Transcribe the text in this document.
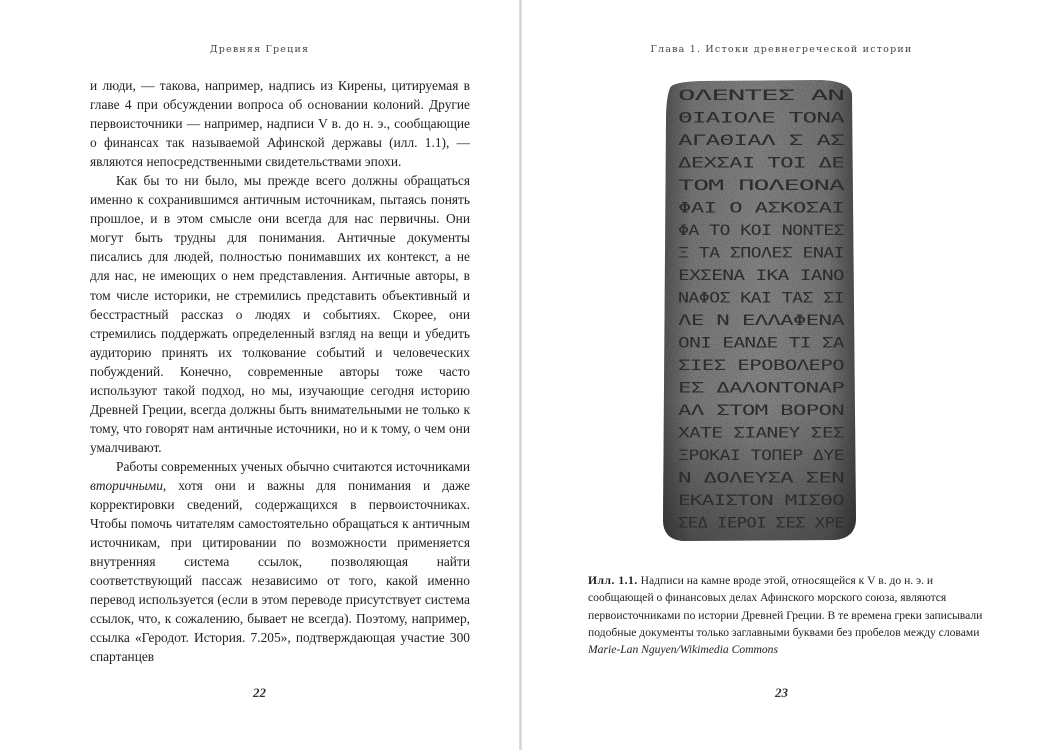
Древняя Греция

и люди, — такова, например, надпись из Кирены, цитируемая в главе 4 при обсуждении вопроса об основании колоний. Другие первоисточники — например, надписи V в. до н. э., сообщающие о финансах так называемой Афинской державы (илл. 1.1), — являются непосредственными свидетельствами эпохи.

Как бы то ни было, мы прежде всего должны обращаться именно к сохранившимся античным источникам, пытаясь понять прошлое, и в этом смысле они всегда для нас первичны. Они могут быть трудны для понимания. Античные документы писались для людей, полностью понимавших их контекст, а не для нас, не имеющих о нем представления. Античные авторы, в том числе историки, не стремились представить объективный и бесстрастный рассказ о людях и событиях. Скорее, они стремились поддержать определенный взгляд на вещи и убедить аудиторию принять их толкование событий и человеческих побуждений. Конечно, современные авторы тоже часто используют такой подход, но мы, изучающие сегодня историю Древней Греции, всегда должны быть внимательными не только к тому, что говорят нам античные источники, но и к тому, о чем они умалчивают.

Работы современных ученых обычно считаются источниками вторичными, хотя они и важны для понимания и даже корректировки сведений, содержащихся в первоисточниках. Чтобы помочь читателям самостоятельно обращаться к античным источникам, при цитировании по возможности применяется внутренняя система ссылок, позволяющая найти соответствующий пассаж независимо от того, какой именно перевод используется (если в этом переводе присутствует система ссылок, что, к сожалению, бывает не всегда). Поэтому, например, ссылка «Геродот. История. 7.205», подтверждающая участие 300 спартанцев

22
Глава 1. Истоки древнегреческой истории
ΟΛΕΝΤΕΣ ΑΝ
ΘΙΑΙΟΛΕ ΤΟΝΑ
ΑΓΑΘΙΑΛ Σ ΑΣ
ΔΕΧΣΑΙ ΤΟΙ ΔΕ
ΤΟΜ ΠΟΛΕΟΝΑ
ΦΑΙ Ο ΑΣΚΟΣΑΙ
ΦΑ ΤΟ ΚΟΙ ΝΟΝΤΕΣ
Ξ ΤΑ ΣΠΟΛΕΣ ΕΝΑΙ
ΕΧΣΕΝΑ ΙΚΑ ΙΑΝΟ
ΝΑΦΟΣ ΚΑΙ ΤΑΣ ΣΙ
ΛΕ Ν ΕΛΛΑΦΕΝΑ
ΟΝΙ ΕΑΝΔΕ ΤΙ ΣΑ
ΣΙΕΣ ΕΡΟΒΟΛΕΡΟ
ΕΣ ΔΑΛΟΝΤΟΝΑΡ
ΑΛ ΣΤΟΜ ΒΟΡΟΝ
ΧΑΤΕ ΣΙΑΝΕΥ ΣΕΣ
ΞΡΟΚΑΙ ΤΟΠΕΡ ΔΥΕ
Ν ΔΟΛΕΥΣΑ ΣΕΝ
ΕΚΑΙΣΤΟΝ ΜΙΣΘΟ
ΣΕΔ ΙΕΡΟΙ ΣΕΣ ΧΡΕ
Илл. 1.1. Надписи на камне вроде этой, относящейся к V в. до н. э. и сообщающей о финансовых делах Афинского морского союза, являются первоисточниками по истории Древней Греции. В те времена греки записывали подобные документы только заглавными буквами без пробелов между словами
Marie-Lan Nguyen/Wikimedia Commons
23
